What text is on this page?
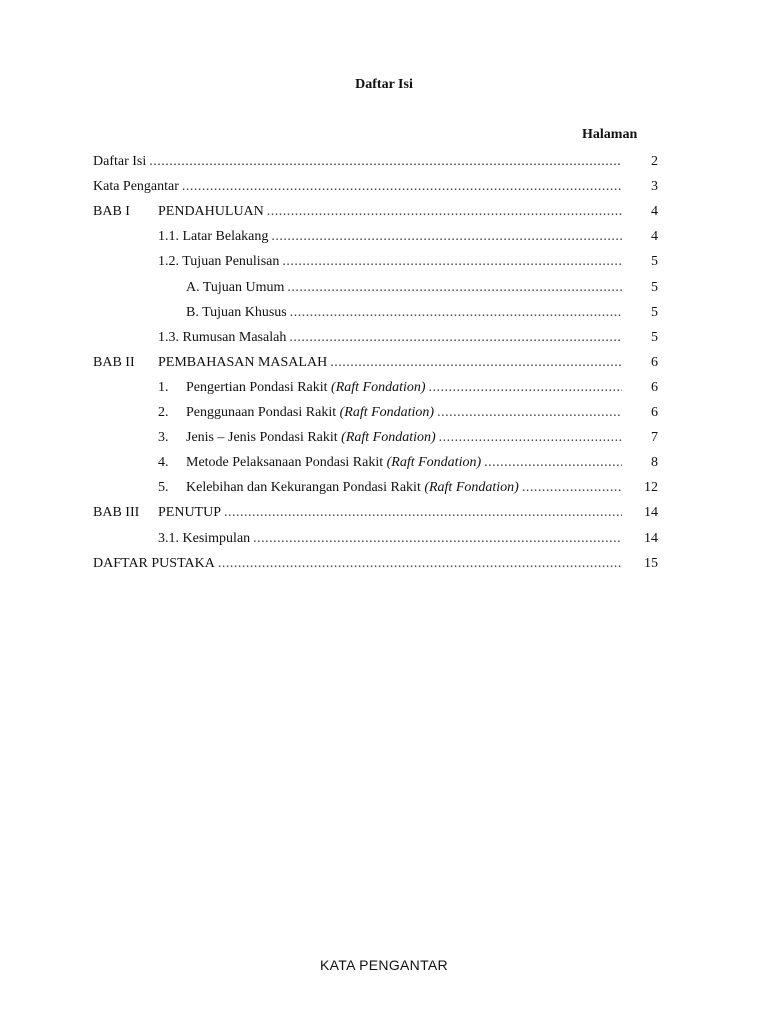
Daftar Isi
Halaman
Daftar Isi .....	2
Kata Pengantar .....	3
BAB I PENDAHULUAN .....	4
1.1. Latar Belakang .....	4
1.2. Tujuan Penulisan .....	5
A. Tujuan Umum .....	5
B. Tujuan Khusus .....	5
1.3. Rumusan Masalah .....	5
BAB II PEMBAHASAN MASALAH .....	6
1.	Pengertian Pondasi Rakit (Raft Fondation) .....	6
2.	Penggunaan Pondasi Rakit (Raft Fondation) .....	6
3.	Jenis – Jenis Pondasi Rakit (Raft Fondation) .....	7
4.	Metode Pelaksanaan Pondasi Rakit (Raft Fondation) .....	8
5.	Kelebihan dan Kekurangan Pondasi Rakit (Raft Fondation) .....	12
BAB III PENUTUP .....	14
3.1. Kesimpulan .....	14
DAFTAR PUSTAKA .....	15
KATA PENGANTAR
